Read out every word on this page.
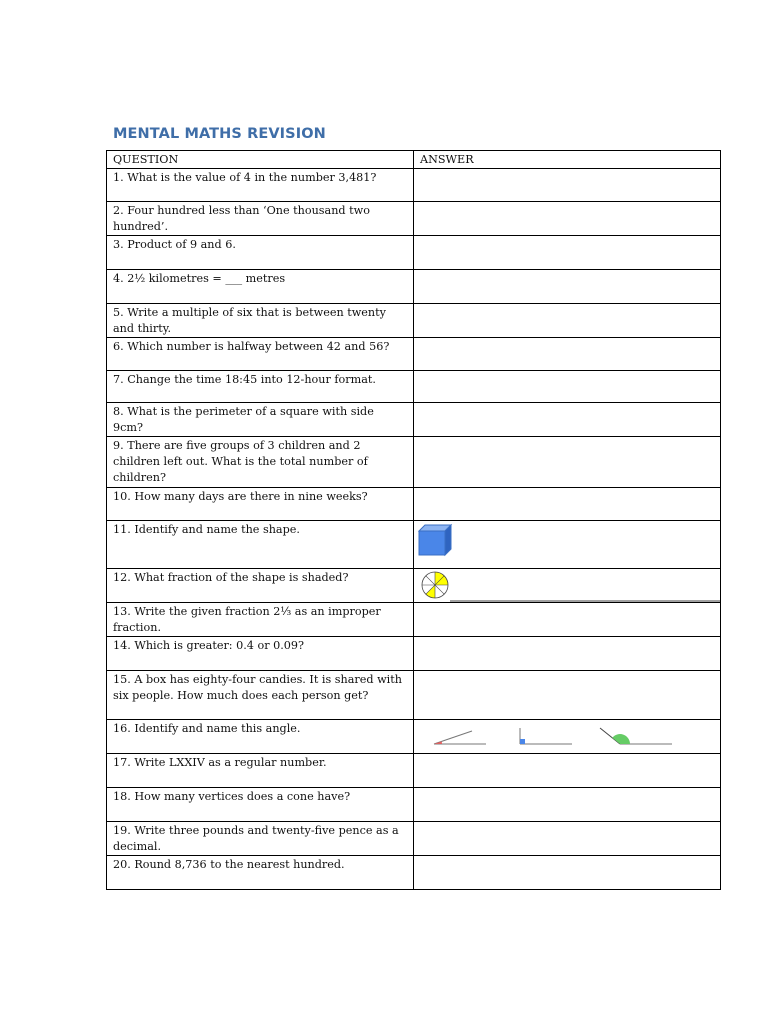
MENTAL MATHS REVISION
QUESTION	ANSWER
1. What is the value of 4 in the number 3,481?	
2. Four hundred less than ‘One thousand two hundred’.	
3. Product of 9 and 6.	
4. 2½ kilometres = ___ metres	
5. Write a multiple of six that is between twenty and thirty.	
6. Which number is halfway between 42 and 56?	
7. Change the time 18:45 into 12-hour format.	
8. What is the perimeter of a square with side 9cm?	
9. There are five groups of 3 children and 2 children left out. What is the total number of children?	
10. How many days are there in nine weeks?	
11. Identify and name the shape.	

12. What fraction of the shape is shaded?	

13. Write the given fraction 2⅓ as an improper fraction.	
14. Which is greater: 0.4 or 0.09?	
15. A box has eighty-four candies. It is shared with six people. How much does each person get?	
16. Identify and name this angle.	

17. Write LXXIV as a regular number.	
18. How many vertices does a cone have?	
19. Write three pounds and twenty-five pence as a decimal.	
20. Round 8,736 to the nearest hundred.	
